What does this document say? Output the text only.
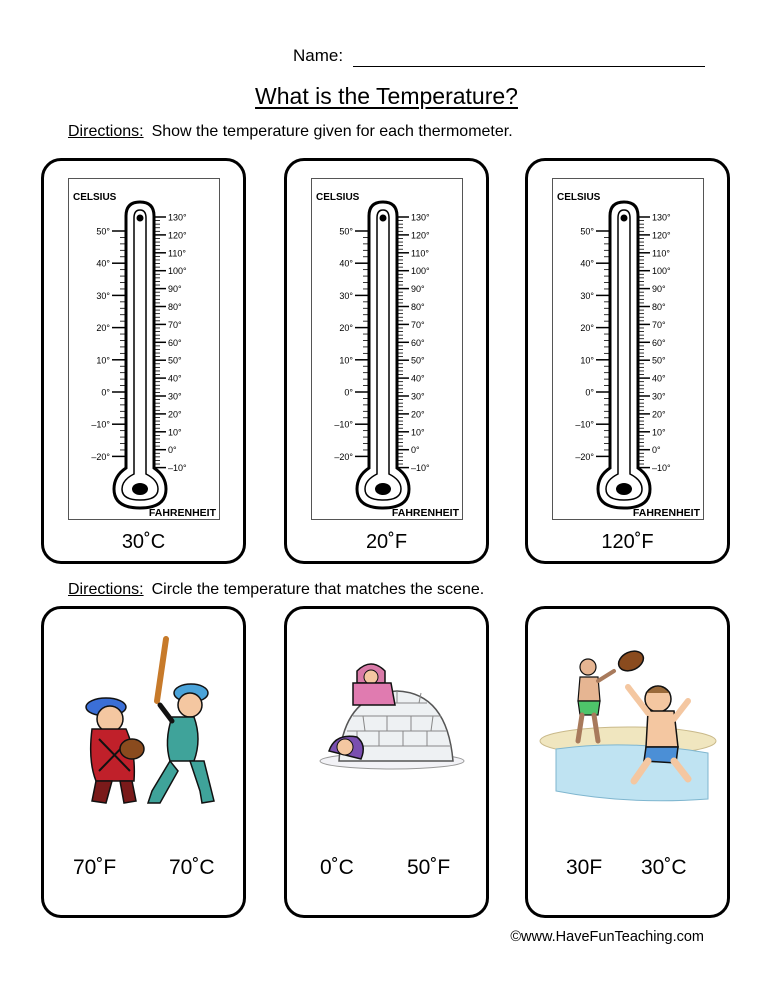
Name:
What is the Temperature?
Directions: Show the temperature given for each thermometer.
CELSIUS
FAHRENHEIT
50°
40°
30°
20°
10°
0°
–10°
–20°
130°
120°
110°
100°
90°
80°
70°
60°
50°
40°
30°
20°
10°
0°
–10°
30˚C
CELSIUS
FAHRENHEIT
50°
40°
30°
20°
10°
0°
–10°
–20°
130°
120°
110°
100°
90°
80°
70°
60°
50°
40°
30°
20°
10°
0°
–10°
20˚F
CELSIUS
FAHRENHEIT
50°
40°
30°
20°
10°
0°
–10°
–20°
130°
120°
110°
100°
90°
80°
70°
60°
50°
40°
30°
20°
10°
0°
–10°
120˚F
Directions: Circle the temperature that matches the scene.
70˚F	70˚C	0˚C	50˚F	30F 30˚C
©www.HaveFunTeaching.com
